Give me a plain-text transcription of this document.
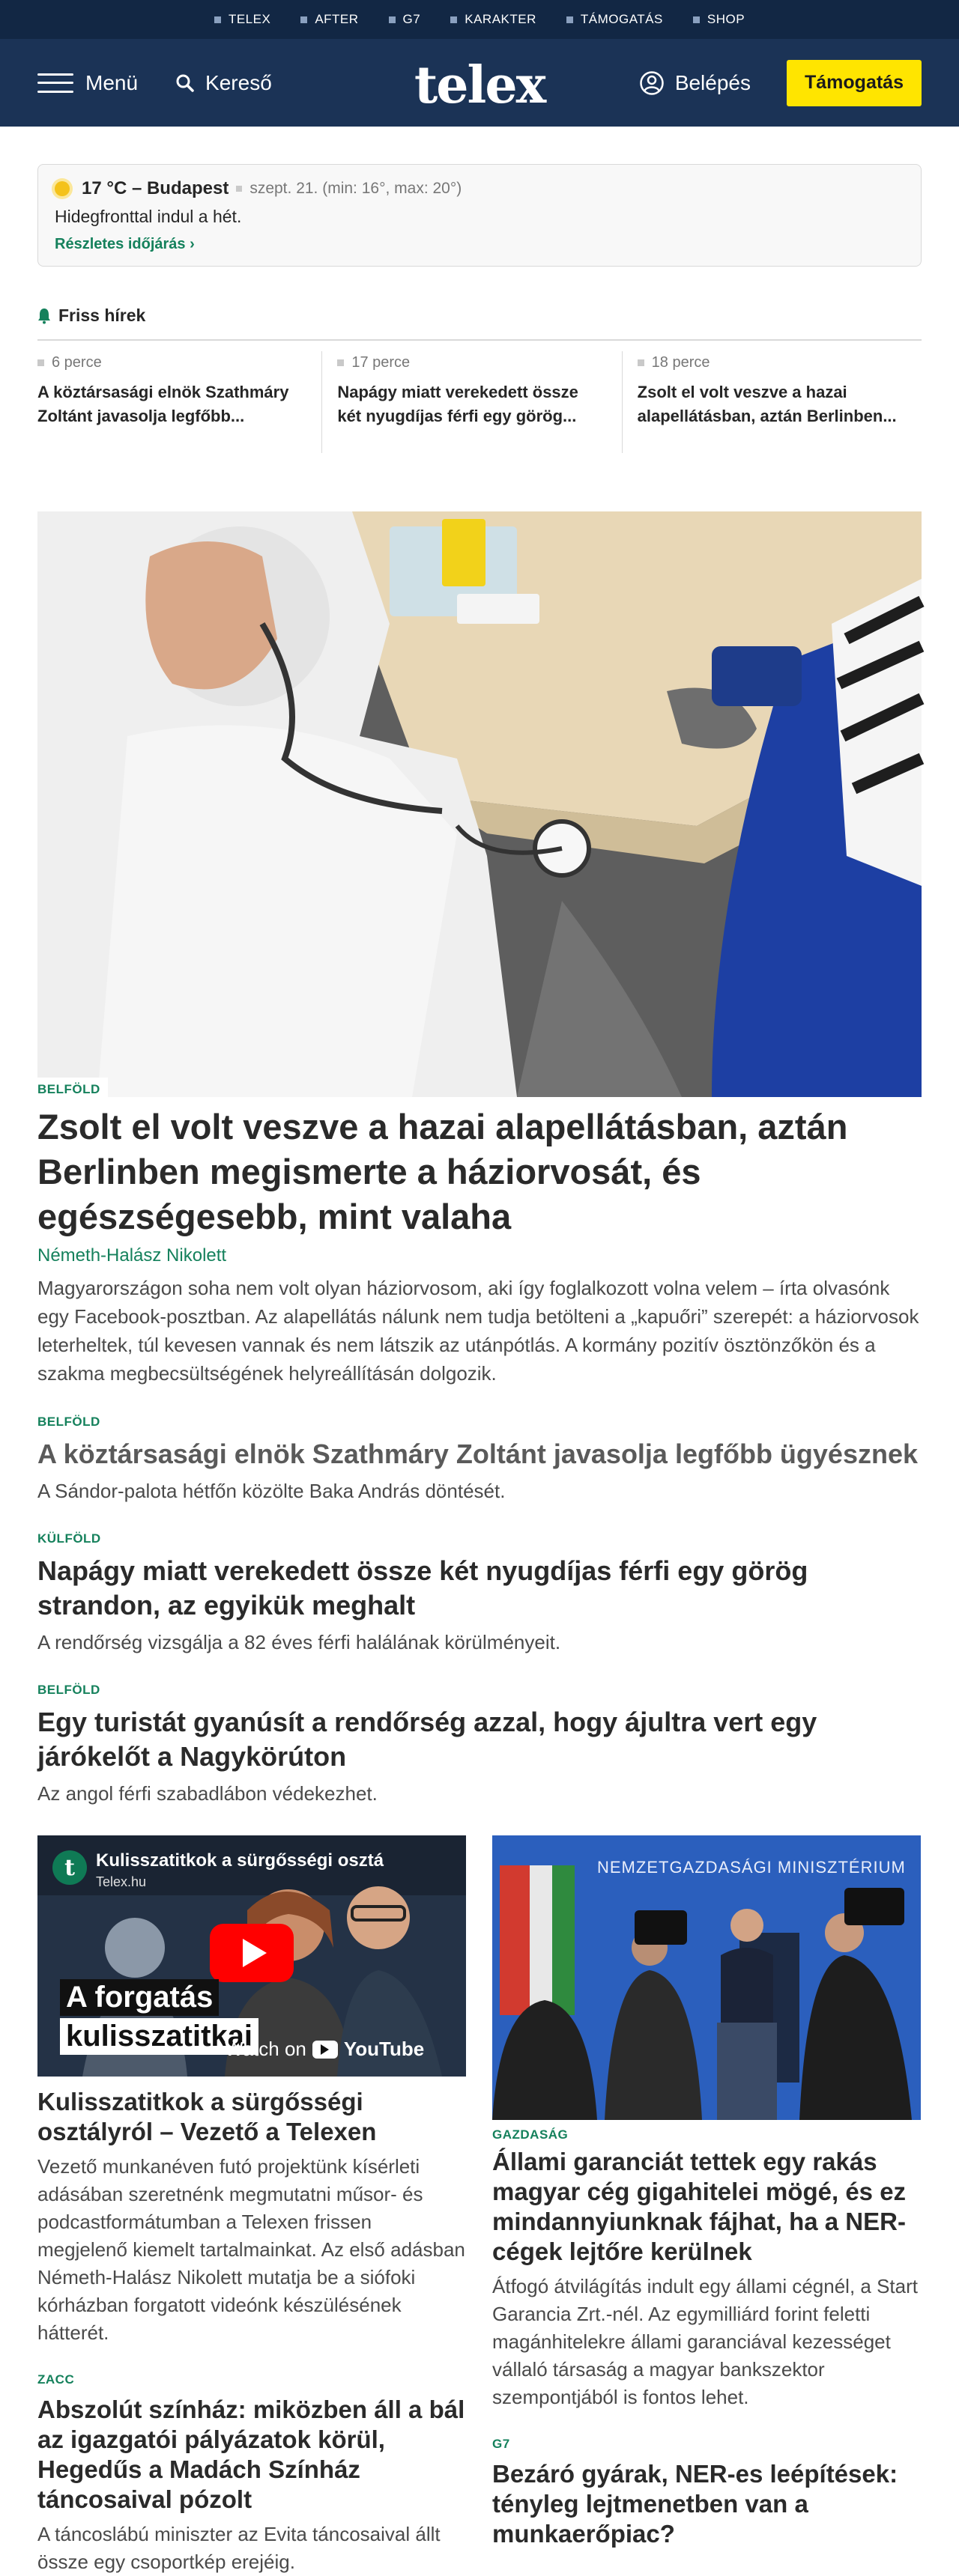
TELEX	AFTER	G7	KARAKTER	TÁMOGATÁS	SHOP
Menü	Kereső	telex	Belépés	Támogatás
17 °C – Budapest szept. 21. (min: 16°, max: 20°)
Hidegfronttal indul a hét.
Részletes időjárás ›
Friss hírek
6 perce
A köztársasági elnök Szathmáry Zoltánt javasolja legfőbb...
17 perce
Napágy miatt verekedett össze két nyugdíjas férfi egy görög...
18 perce
Zsolt el volt veszve a hazai alapellátásban, aztán Berlinben...
BELFÖLD
Zsolt el volt veszve a hazai alapellátásban, aztán Berlinben megismerte a háziorvosát, és egészségesebb, mint valaha
Németh-Halász Nikolett
Magyarországon soha nem volt olyan háziorvosom, aki így foglalkozott volna velem – írta olvasónk egy Facebook-posztban. Az alapellátás nálunk nem tudja betölteni a „kapuőri” szerepét: a háziorvosok leterheltek, túl kevesen vannak és nem látszik az utánpótlás. A kormány pozitív ösztönzőkön és a szakma megbecsültségének helyreállításán dolgozik.
BELFÖLD
A köztársasági elnök Szathmáry Zoltánt javasolja legfőbb ügyésznek
A Sándor-palota hétfőn közölte Baka András döntését.
KÜLFÖLD
Napágy miatt verekedett össze két nyugdíjas férfi egy görög strandon, az egyikük meghalt
A rendőrség vizsgálja a 82 éves férfi halálának körülményeit.
BELFÖLD
Egy turistát gyanúsít a rendőrség azzal, hogy ájultra vert egy járókelőt a Nagykörúton
Az angol férfi szabadlábon védekezhet.
t	Kulisszatitkok a sürgősségi osztá
Telex.hu
A forgatás
kulisszatitkai
Watch on YouTube
Kulisszatitkok a sürgősségi osztályról – Vezető a Telexen
Vezető munkanéven futó projektünk kísérleti adásában szeretnénk megmutatni műsor- és podcastformátumban a Telexen frissen megjelenő kiemelt tartalmainkat. Az első adásban Németh-Halász Nikolett mutatja be a siófoki kórházban forgatott videónk készülésének hátterét.
ZACC
Abszolút színház: miközben áll a bál az igazgatói pályázatok körül, Hegedűs a Madách Színház táncosaival pózolt
A táncoslábú miniszter az Evita táncosaival állt össze egy csoportkép erejéig.
NEMZETGAZDASÁGI MINISZTÉRIUM
GAZDASÁG
Állami garanciát tettek egy rakás magyar cég gigahitelei mögé, és ez mindannyiunknak fájhat, ha a NER-cégek lejtőre kerülnek
Átfogó átvilágítás indult egy állami cégnél, a Start Garancia Zrt.-nél. Az egymilliárd forint feletti magánhitelekre állami garanciával kezességet vállaló társaság a magyar bankszektor szempontjából is fontos lehet.
G7
Bezáró gyárak, NER-es leépítések: tényleg lejtmenetben van a munkaerőpiac?
